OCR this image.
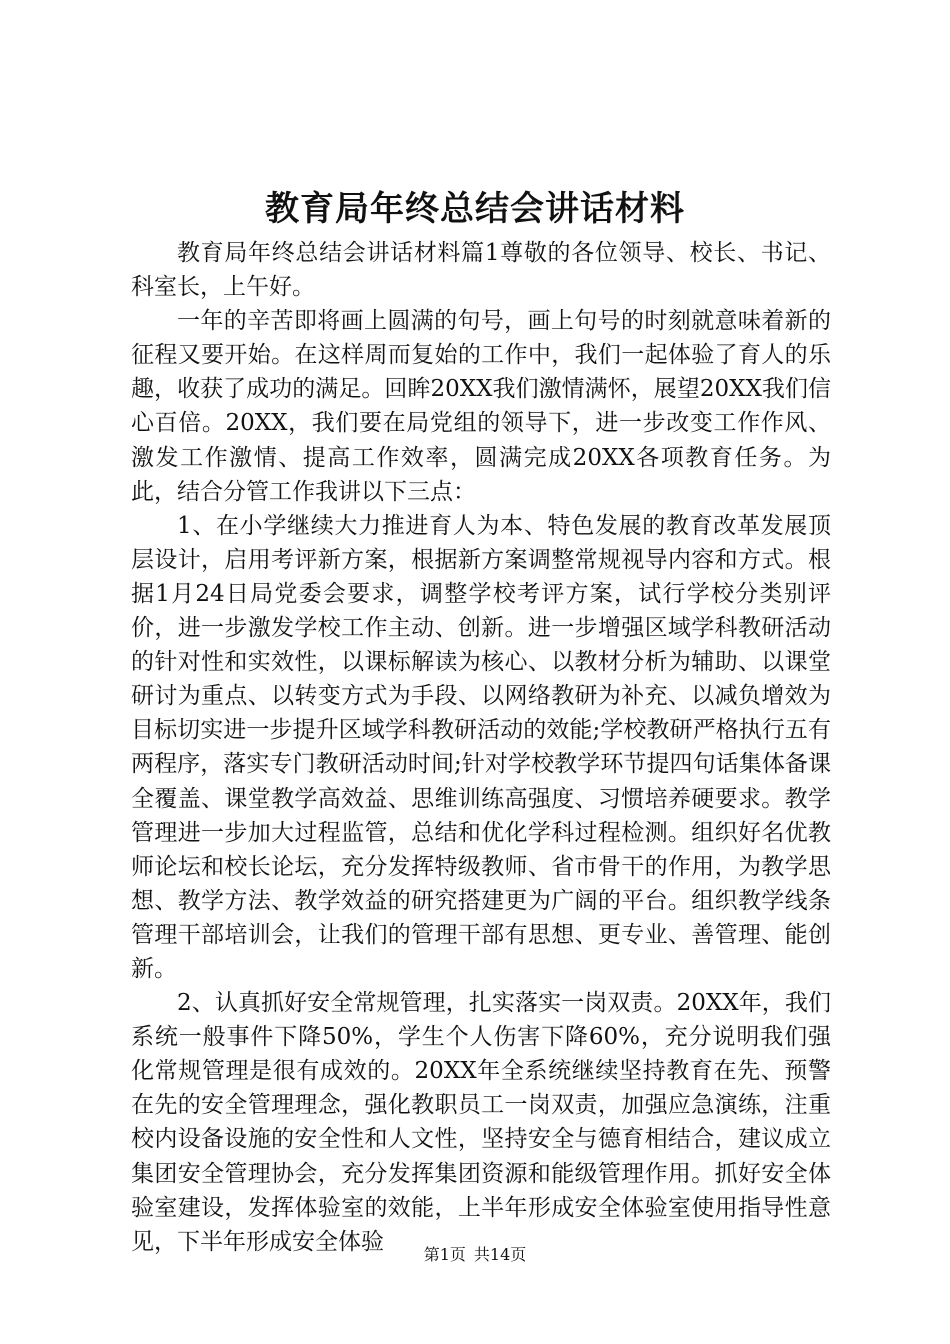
教育局年终总结会讲话材料

教育局年终总结会讲话材料篇1尊敬的各位领导、校长、书记、科室长，上午好。

一年的辛苦即将画上圆满的句号，画上句号的时刻就意味着新的征程又要开始。在这样周而复始的工作中，我们一起体验了育人的乐趣，收获了成功的满足。回眸20XX我们激情满怀，展望20XX我们信心百倍。20XX，我们要在局党组的领导下，进一步改变工作作风、激发工作激情、提高工作效率，圆满完成20XX各项教育任务。为此，结合分管工作我讲以下三点：

1、在小学继续大力推进育人为本、特色发展的教育改革发展顶层设计，启用考评新方案，根据新方案调整常规视导内容和方式。根据1月24日局党委会要求，调整学校考评方案，试行学校分类别评价，进一步激发学校工作主动、创新。进一步增强区域学科教研活动的针对性和实效性，以课标解读为核心、以教材分析为辅助、以课堂研讨为重点、以转变方式为手段、以网络教研为补充、以减负增效为目标切实进一步提升区域学科教研活动的效能;学校教研严格执行五有两程序，落实专门教研活动时间;针对学校教学环节提四句话集体备课全覆盖、课堂教学高效益、思维训练高强度、习惯培养硬要求。教学管理进一步加大过程监管，总结和优化学科过程检测。组织好名优教师论坛和校长论坛，充分发挥特级教师、省市骨干的作用，为教学思想、教学方法、教学效益的研究搭建更为广阔的平台。组织教学线条管理干部培训会，让我们的管理干部有思想、更专业、善管理、能创新。

2、认真抓好安全常规管理，扎实落实一岗双责。20XX年，我们系统一般事件下降50%，学生个人伤害下降60%，充分说明我们强化常规管理是很有成效的。20XX年全系统继续坚持教育在先、预警在先的安全管理理念，强化教职员工一岗双责，加强应急演练，注重校内设备设施的安全性和人文性，坚持安全与德育相结合，建议成立集团安全管理协会，充分发挥集团资源和能级管理作用。抓好安全体验室建设，发挥体验室的效能，上半年形成安全体验室使用指导性意见，下半年形成安全体验	第1页 共14页
